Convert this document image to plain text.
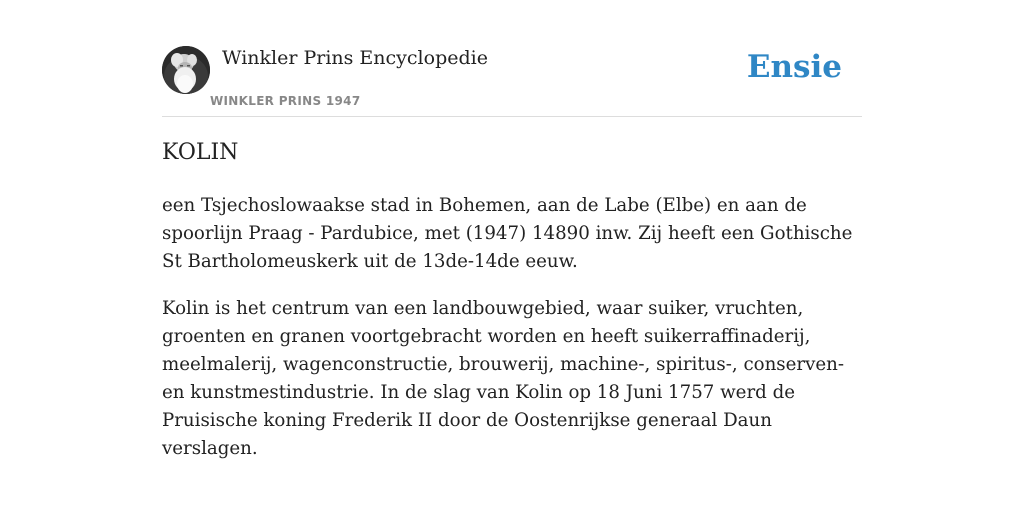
Winkler Prins Encyclopedie
WINKLER PRINS 1947
Ensie
KOLIN

een Tsjechoslowaakse stad in Bohemen, aan de Labe (Elbe) en aan de spoorlijn Praag - Pardubice, met (1947) 14890 inw. Zij heeft een Gothische St Bartholomeuskerk uit de 13de-14de eeuw.

Kolin is het centrum van een landbouwgebied, waar suiker, vruchten, groenten en granen voortgebracht worden en heeft suikerraffinaderij, meelmalerij, wagenconstructie, brouwerij, machine-, spiritus-, conserven- en kunstmestindustrie. In de slag van Kolin op 18 Juni 1757 werd de Pruisische koning Frederik II door de Oostenrijkse generaal Daun verslagen.
